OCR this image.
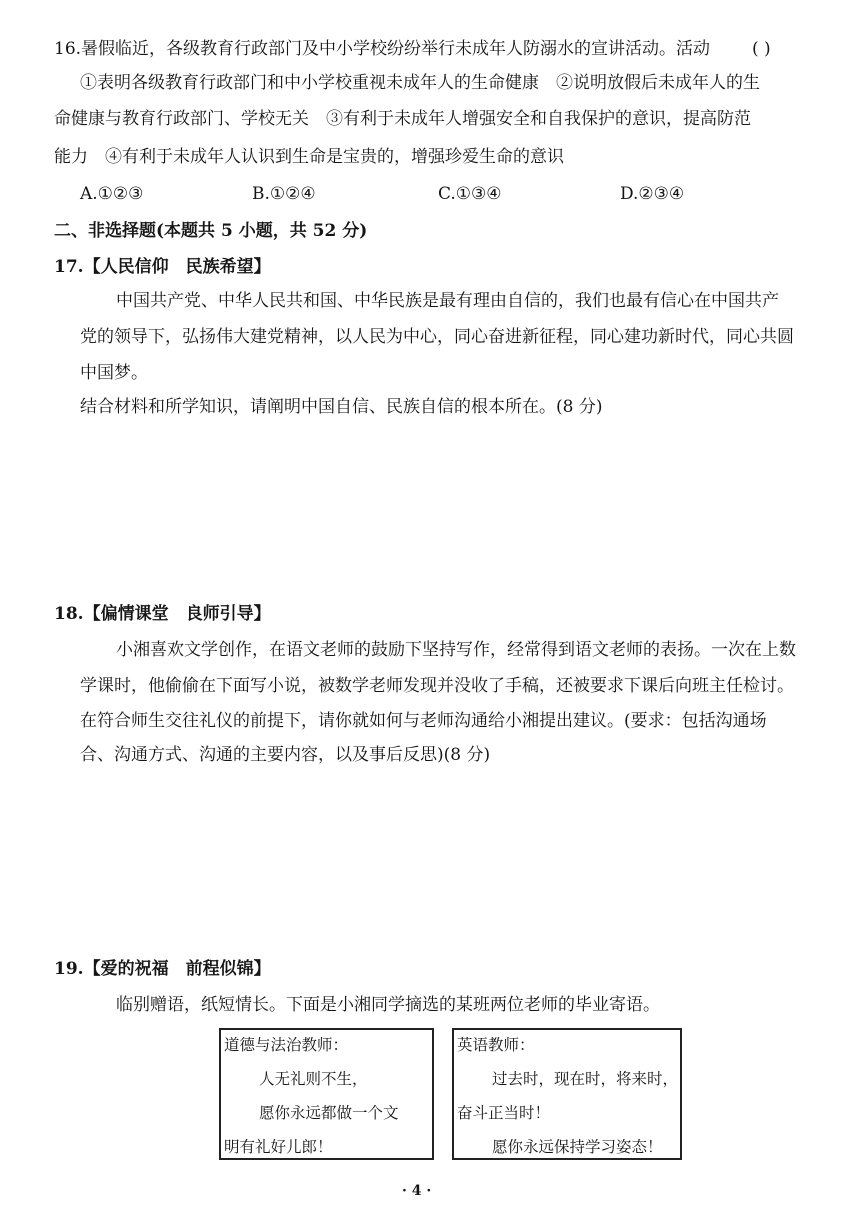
16.暑假临近，各级教育行政部门及中小学校纷纷举行未成年人防溺水的宣讲活动。活动 ( )
①表明各级教育行政部门和中小学校重视未成年人的生命健康　②说明放假后未成年人的生
命健康与教育行政部门、学校无关　③有利于未成年人增强安全和自我保护的意识，提高防范
能力　④有利于未成年人认识到生命是宝贵的，增强珍爱生命的意识
A.①②③	B.①②④	C.①③④	D.②③④
二、非选择题(本题共 5 小题，共 52 分)
17.【人民信仰　民族希望】
中国共产党、中华人民共和国、中华民族是最有理由自信的，我们也最有信心在中国共产
党的领导下，弘扬伟大建党精神，以人民为中心，同心奋进新征程，同心建功新时代，同心共圆
中国梦。
结合材料和所学知识，请阐明中国自信、民族自信的根本所在。(8 分)
18.【偏情课堂　良师引导】
小湘喜欢文学创作，在语文老师的鼓励下坚持写作，经常得到语文老师的表扬。一次在上数
学课时，他偷偷在下面写小说，被数学老师发现并没收了手稿，还被要求下课后向班主任检讨。
在符合师生交往礼仪的前提下，请你就如何与老师沟通给小湘提出建议。(要求：包括沟通场
合、沟通方式、沟通的主要内容，以及事后反思)(8 分)
19.【爱的祝福　前程似锦】
临别赠语，纸短情长。下面是小湘同学摘选的某班两位老师的毕业寄语。
道德与法治教师：
人无礼则不生，
愿你永远都做一个文
明有礼好儿郎！
英语教师：
过去时，现在时，将来时，
奋斗正当时！
愿你永远保持学习姿态！
· 4 ·
